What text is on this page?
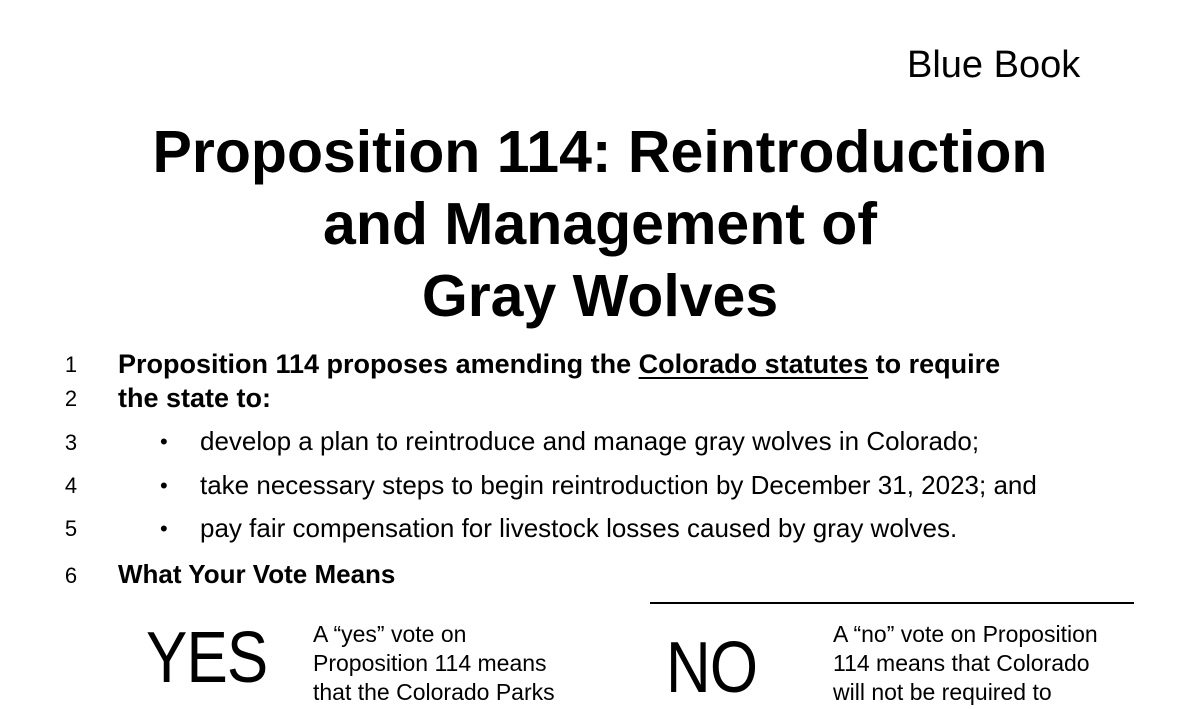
Blue Book
Proposition 114: Reintroduction
and Management of
Gray Wolves
1
2
3
4
5
6
Proposition 114 proposes amending the Colorado statutes to require
the state to:
• develop a plan to reintroduce and manage gray wolves in Colorado;
• take necessary steps to begin reintroduction by December 31, 2023; and
• pay fair compensation for livestock losses caused by gray wolves.
What Your Vote Means
YES A “yes” vote on
Proposition 114 means
that the Colorado Parks NO	A “no” vote on Proposition
114 means that Colorado
will not be required to
